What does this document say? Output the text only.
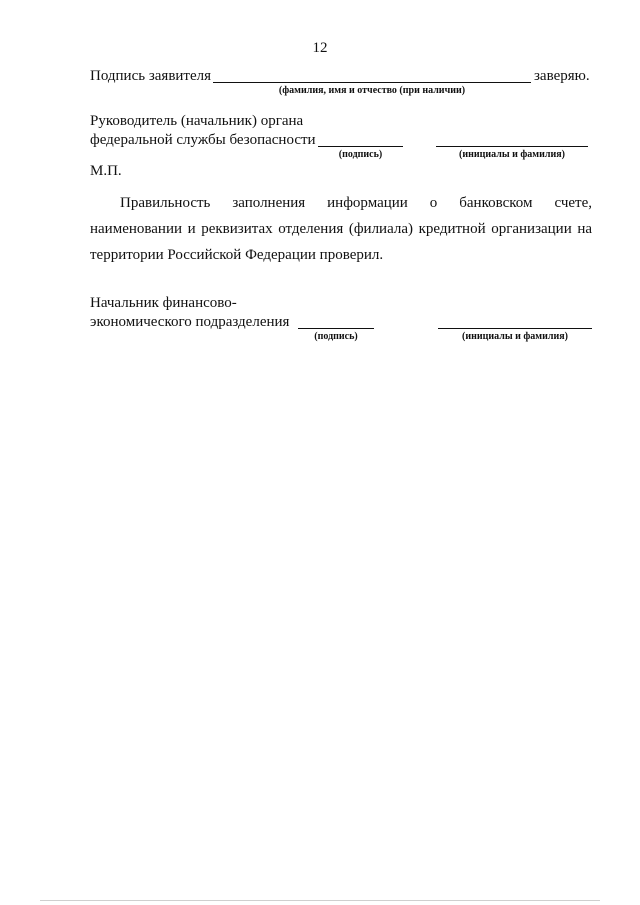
12
Подпись заявителя	заверяю.
(фамилия, имя и отчество (при наличии)
Руководитель (начальник) органа
федеральной службы безопасности
(подпись)	(инициалы и фамилия)
М.П.
Правильность заполнения информации о банковском счете, наименовании и реквизитах отделения (филиала) кредитной организации на территории Российской Федерации проверил.
Начальник финансово-
экономического подразделения
(подпись)	(инициалы и фамилия)
